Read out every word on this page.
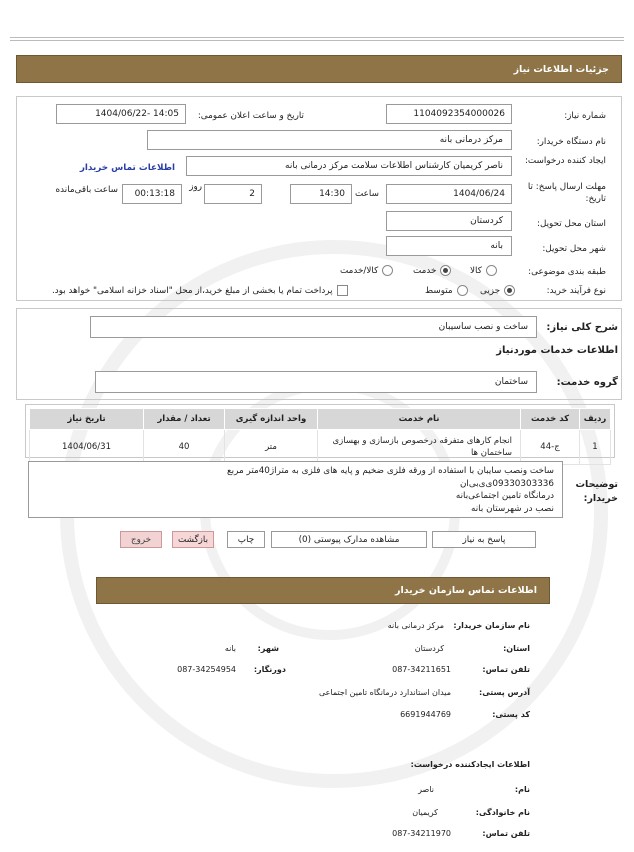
جزئیات اطلاعات نیاز
شماره نیاز:
1104092354000026
تاریخ و ساعت اعلان عمومی:
1404/06/22- 14:05
نام دستگاه خریدار:
مرکز درمانی بانه
ایجاد کننده درخواست:
ناصر کریمیان کارشناس اطلاعات سلامت مرکز درمانی بانه
اطلاعات تماس خریدار
مهلت ارسال پاسخ: تا تاریخ:
1404/06/24
ساعت
14:30
2
روز
00:13:18
ساعت باقی‌مانده
استان محل تحویل:
کردستان
شهر محل تحویل:
بانه
طبقه بندی موضوعی:
کالا
خدمت
کالا/خدمت
نوع فرآیند خرید:
جزیی
متوسط
پرداخت تمام یا بخشی از مبلغ خرید،از محل "اسناد خزانه اسلامی" خواهد بود.
شرح کلی نیاز:
ساخت و نصب ساسیبان
اطلاعات خدمات موردنیاز
گروه خدمت:
ساختمان
ردیف	کد خدمت	نام خدمت	واحد اندازه گیری	تعداد / مقدار	تاریخ نیاز
1	ج-44	انجام کارهای متفرقه درخصوص بازسازی و بهسازی ساختمان ها	متر	40	1404/06/31
توضیحات خریدار:
ساخت ونصب سایبان با استفاده از ورقه فلزی ضخیم و پایه های فلزی به متراژ40متر مربع
09330303336ی‌ی‌بی‌ان
درمانگاه تامین اجتماعی‌بانه
نصب در شهرستان بانه
پاسخ به نیاز
مشاهده مدارک پیوستی (0)
چاپ
بازگشت
خروج
اطلاعات تماس سازمان خریدار
نام سازمان خریدار:
مرکز درمانی بانه
استان:
کردستان
شهر:
بانه
تلفن تماس:
087-34211651
دورنگار:
087-34254954
آدرس پستی:
میدان استاندارد درمانگاه تامین اجتماعی
کد پستی:
6691944769
اطلاعات ایجادکننده درخواست:
نام:
ناصر
نام خانوادگی:
کریمیان
تلفن تماس:
087-34211970
